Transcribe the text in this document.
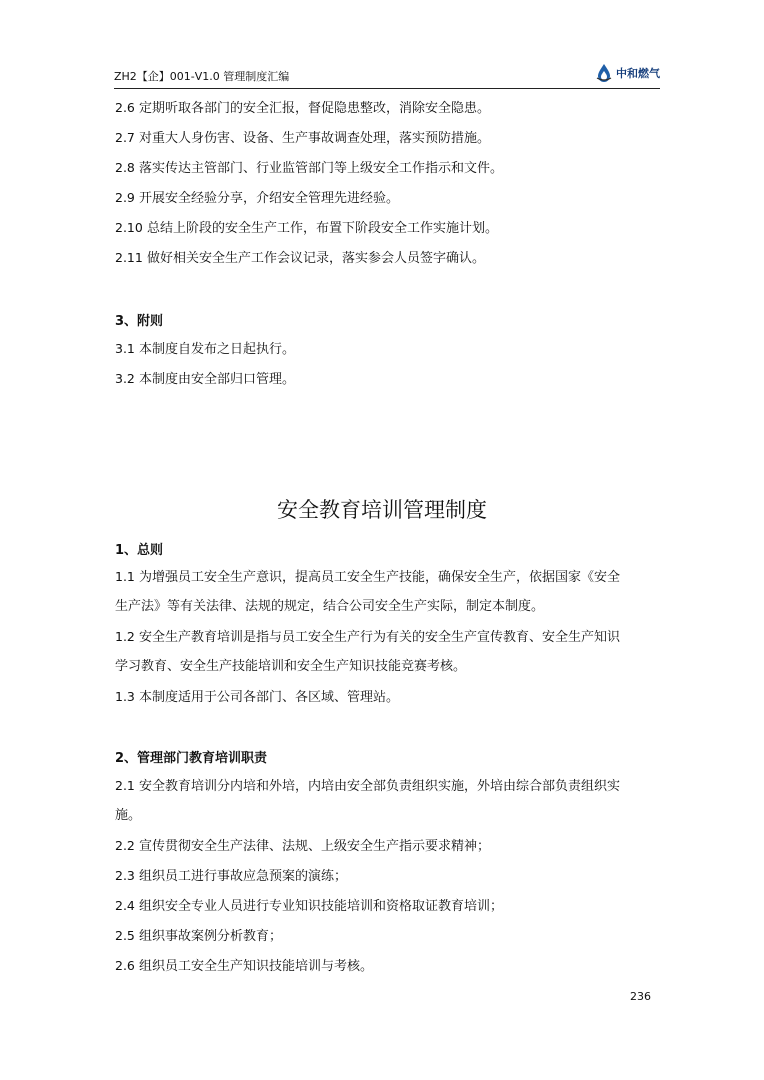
ZH2【企】001-V1.0 管理制度汇编	中和燃气
2.6 定期听取各部门的安全汇报，督促隐患整改，消除安全隐患。
2.7 对重大人身伤害、设备、生产事故调查处理，落实预防措施。
2.8 落实传达主管部门、行业监管部门等上级安全工作指示和文件。
2.9 开展安全经验分享，介绍安全管理先进经验。
2.10 总结上阶段的安全生产工作，布置下阶段安全工作实施计划。
2.11 做好相关安全生产工作会议记录，落实参会人员签字确认。
3、附则
3.1 本制度自发布之日起执行。
3.2 本制度由安全部归口管理。
安全教育培训管理制度
1、总则
1.1 为增强员工安全生产意识，提高员工安全生产技能，确保安全生产，依据国家《安全
生产法》等有关法律、法规的规定，结合公司安全生产实际，制定本制度。
1.2 安全生产教育培训是指与员工安全生产行为有关的安全生产宣传教育、安全生产知识
学习教育、安全生产技能培训和安全生产知识技能竞赛考核。
1.3 本制度适用于公司各部门、各区域、管理站。
2、管理部门教育培训职责
2.1 安全教育培训分内培和外培，内培由安全部负责组织实施，外培由综合部负责组织实
施。
2.2 宣传贯彻安全生产法律、法规、上级安全生产指示要求精神；
2.3 组织员工进行事故应急预案的演练；
2.4 组织安全专业人员进行专业知识技能培训和资格取证教育培训；
2.5 组织事故案例分析教育；
2.6 组织员工安全生产知识技能培训与考核。
236
